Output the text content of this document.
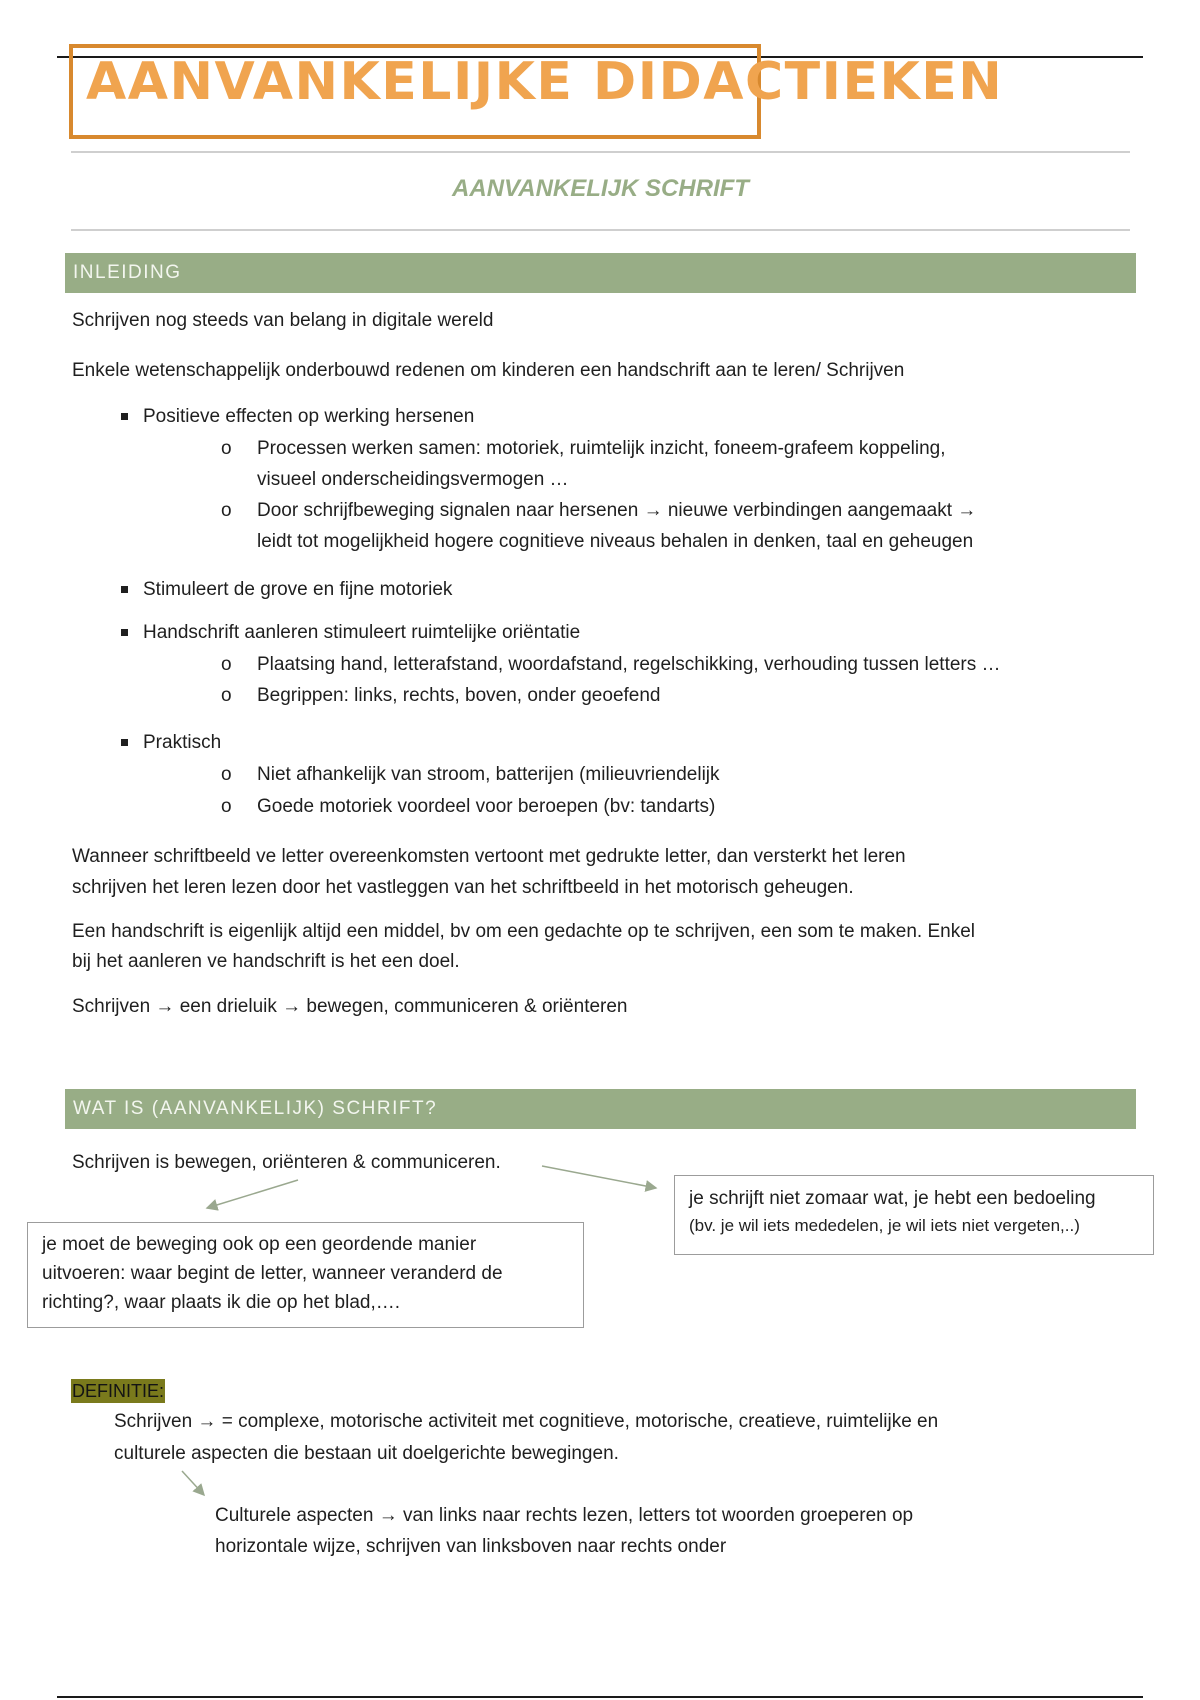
AANVANKELIJKE DIDACTIEKEN
AANVANKELIJK SCHRIFT
INLEIDING

Schrijven nog steeds van belang in digitale wereld

Enkele wetenschappelijk onderbouwd redenen om kinderen een handschrift aan te leren/ Schrijven

Positieve effecten op werking hersenen

o Processen werken samen: motoriek, ruimtelijk inzicht, foneem-grafeem koppeling,

visueel onderscheidingsvermogen …

o Door schrijfbeweging signalen naar hersenen → nieuwe verbindingen aangemaakt →

leidt tot mogelijkheid hogere cognitieve niveaus behalen in denken, taal en geheugen

Stimuleert de grove en fijne motoriek

Handschrift aanleren stimuleert ruimtelijke oriëntatie

o Plaatsing hand, letterafstand, woordafstand, regelschikking, verhouding tussen letters …

o Begrippen: links, rechts, boven, onder geoefend

Praktisch

o Niet afhankelijk van stroom, batterijen (milieuvriendelijk

o Goede motoriek voordeel voor beroepen (bv: tandarts)

Wanneer schriftbeeld ve letter overeenkomsten vertoont met gedrukte letter, dan versterkt het leren

schrijven het leren lezen door het vastleggen van het schriftbeeld in het motorisch geheugen.

Een handschrift is eigenlijk altijd een middel, bv om een gedachte op te schrijven, een som te maken. Enkel

bij het aanleren ve handschrift is het een doel.

Schrijven → een drieluik → bewegen, communiceren & oriënteren

WAT IS (AANVANKELIJK) SCHRIFT?

Schrijven is bewegen, oriënteren & communiceren.

je schrijft niet zomaar wat, je hebt een bedoeling

(bv. je wil iets mededelen, je wil iets niet vergeten,..)

je moet de beweging ook op een geordende manier

uitvoeren: waar begint de letter, wanneer veranderd de

richting?, waar plaats ik die op het blad,….

DEFINITIE:

Schrijven → = complexe, motorische activiteit met cognitieve, motorische, creatieve, ruimtelijke en

culturele aspecten die bestaan uit doelgerichte bewegingen.

Culturele aspecten → van links naar rechts lezen, letters tot woorden groeperen op

horizontale wijze, schrijven van linksboven naar rechts onder
